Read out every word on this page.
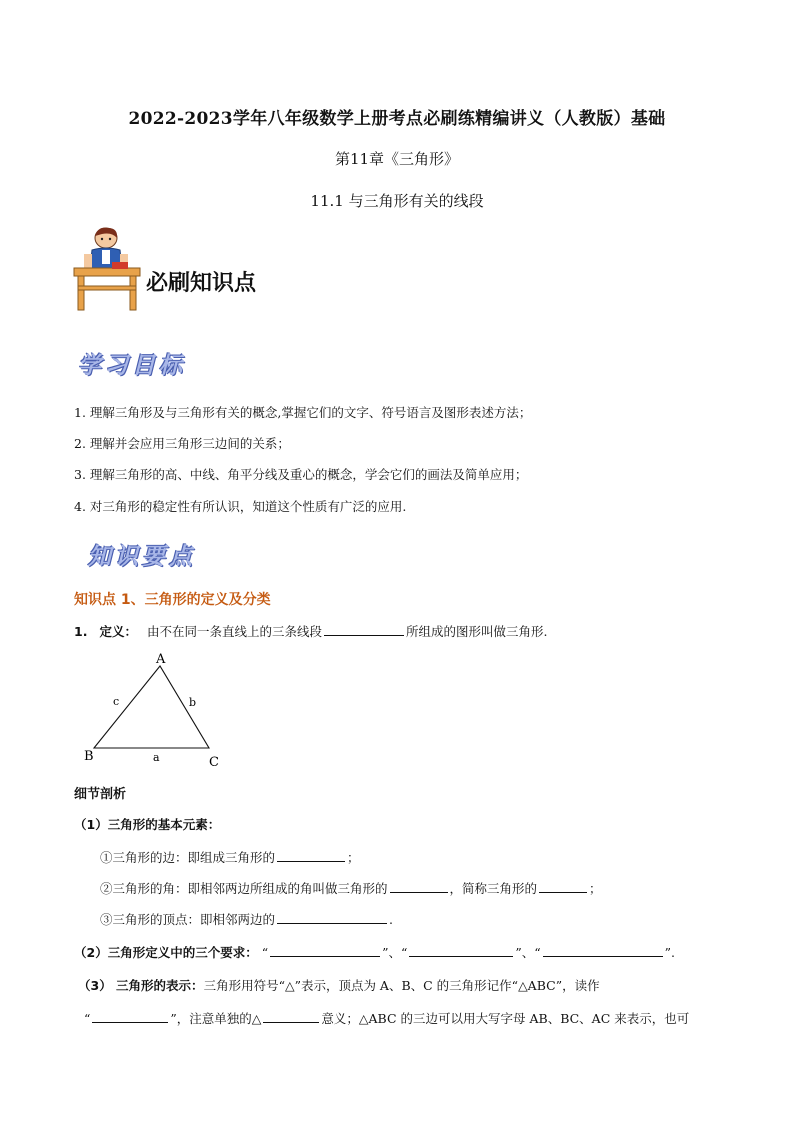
2022-2023学年八年级数学上册考点必刷练精编讲义（人教版）基础
第11章《三角形》
11.1 与三角形有关的线段
必刷知识点
学习目标
1. 理解三角形及与三角形有关的概念,掌握它们的文字、符号语言及图形表述方法；
2. 理解并会应用三角形三边间的关系；
3. 理解三角形的高、中线、角平分线及重心的概念，学会它们的画法及简单应用；
4. 对三角形的稳定性有所认识，知道这个性质有广泛的应用.
知识要点
知识点 1、三角形的定义及分类
1. 定义： 由不在同一条直线上的三条线段	所组成的图形叫做三角形.
A
B	C
c	b
a
细节剖析
（1）三角形的基本元素：
①三角形的边：即组成三角形的	；
②三角形的角：即相邻两边所组成的角叫做三角形的	，简称三角形的	；
③三角形的顶点：即相邻两边的	.
（2）三角形定义中的三个要求： “	”、“	”、“	”.
（3） 三角形的表示：三角形用符号“△”表示，顶点为 A、B、C 的三角形记作“△ABC”，读作
“	”，注意单独的△	意义；△ABC 的三边可以用大写字母 AB、BC、AC 来表示，也可
